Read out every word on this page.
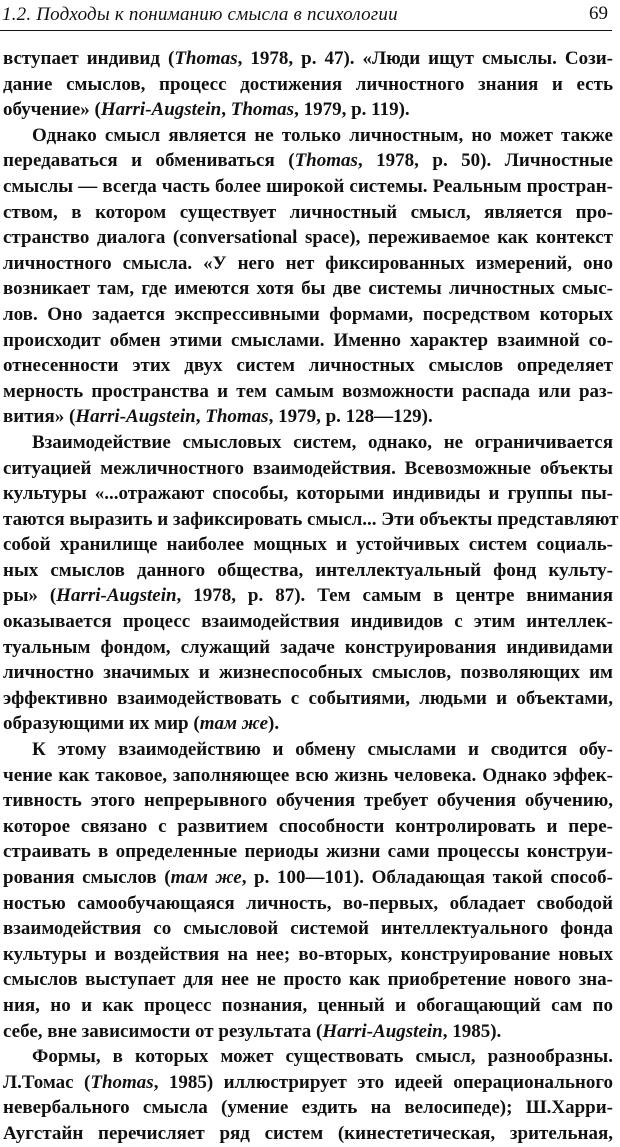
1.2. Подходы к пониманию смысла в психологии	69
вступает индивид (Thomas, 1978, р. 47). «Люди ищут смыслы. Сози-
дание смыслов, процесс достижения личностного знания и есть
обучение» (Harri-Augstein, Thomas, 1979, р. 119).
Однако смысл является не только личностным, но может также
передаваться и обмениваться (Thomas, 1978, р. 50). Личностные
смыслы — всегда часть более широкой системы. Реальным простран-
ством, в котором существует личностный смысл, является про-
странство диалога (conversational space), переживаемое как контекст
личностного смысла. «У него нет фиксированных измерений, оно
возникает там, где имеются хотя бы две системы личностных смыс-
лов. Оно задается экспрессивными формами, посредством которых
происходит обмен этими смыслами. Именно характер взаимной со-
отнесенности этих двух систем личностных смыслов определяет
мерность пространства и тем самым возможности распада или раз-
вития» (Harri-Augstein, Thomas, 1979, р. 128—129).
Взаимодействие смысловых систем, однако, не ограничивается
ситуацией межличностного взаимодействия. Всевозможные объекты
культуры «...отражают способы, которыми индивиды и группы пы-
таются выразить и зафиксировать смысл... Эти объекты представляют
собой хранилище наиболее мощных и устойчивых систем социаль-
ных смыслов данного общества, интеллектуальный фонд культу-
ры» (Harri-Augstein, 1978, р. 87). Тем самым в центре внимания
оказывается процесс взаимодействия индивидов с этим интеллек-
туальным фондом, служащий задаче конструирования индивидами
личностно значимых и жизнеспособных смыслов, позволяющих им
эффективно взаимодействовать с событиями, людьми и объектами,
образующими их мир (там же).
К этому взаимодействию и обмену смыслами и сводится обу-
чение как таковое, заполняющее всю жизнь человека. Однако эффек-
тивность этого непрерывного обучения требует обучения обучению,
которое связано с развитием способности контролировать и пере-
страивать в определенные периоды жизни сами процессы конструи-
рования смыслов (там же, р. 100—101). Обладающая такой способ-
ностью самообучающаяся личность, во-первых, обладает свободой
взаимодействия со смысловой системой интеллектуального фонда
культуры и воздействия на нее; во-вторых, конструирование новых
смыслов выступает для нее не просто как приобретение нового зна-
ния, но и как процесс познания, ценный и обогащающий сам по
себе, вне зависимости от результата (Harri-Augstein, 1985).
Формы, в которых может существовать смысл, разнообразны.
Л.Томас (Thomas, 1985) иллюстрирует это идеей операционального
невербального смысла (умение ездить на велосипеде); Ш.Харри-
Аугстайн перечисляет ряд систем (кинестетическая, зрительная,
